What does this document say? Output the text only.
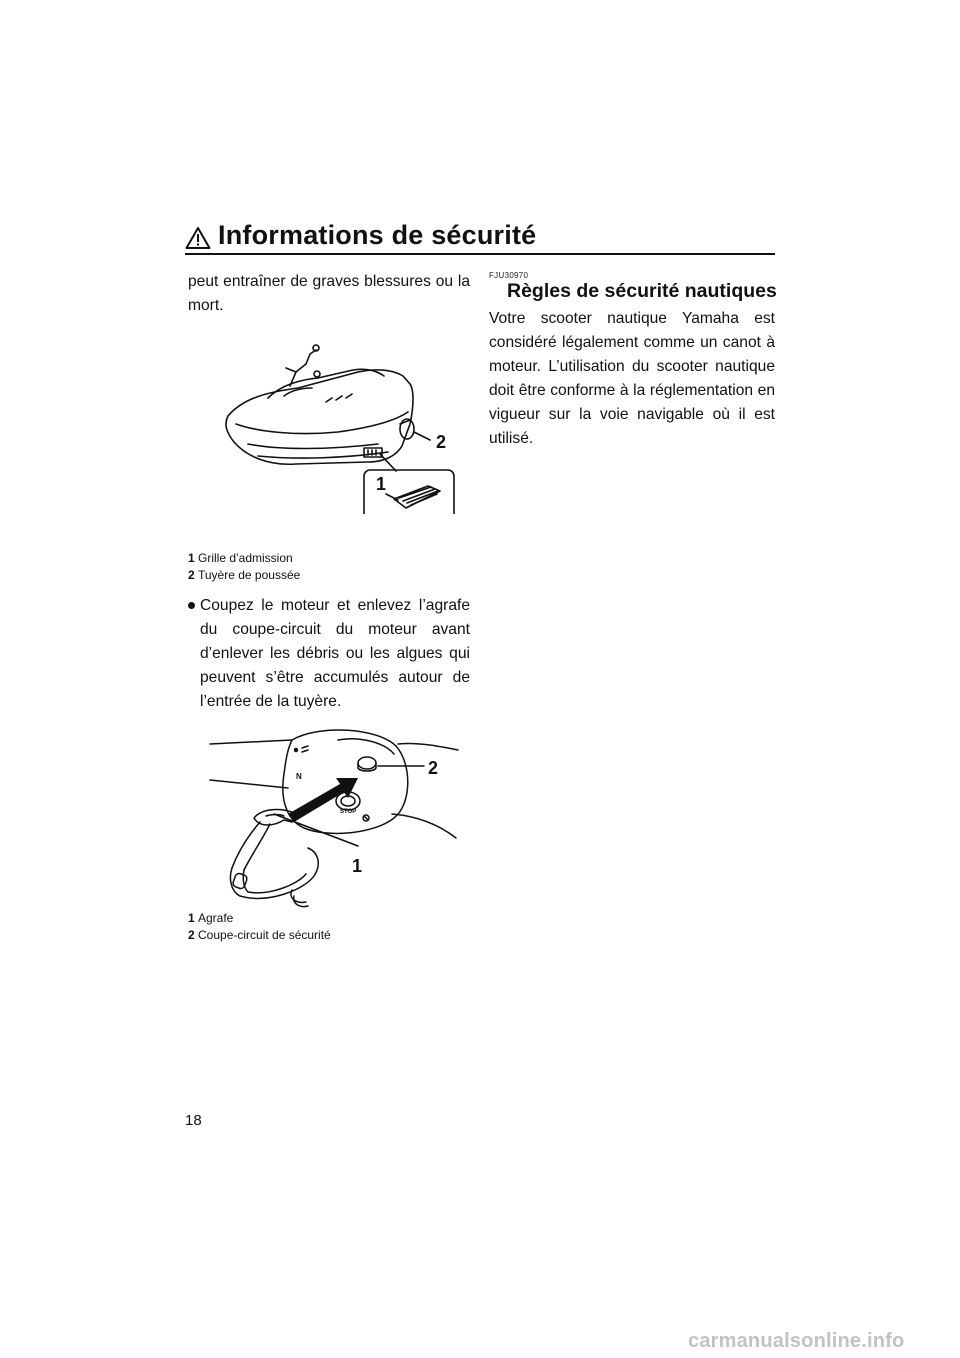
Informations de sécurité

peut entraîner de graves blessures ou la mort.

2
1

1 Grille d’admission

2 Tuyère de poussée

Coupez le moteur et enlevez l’agrafe du coupe-circuit du moteur avant d’enlever les débris ou les algues qui peuvent s’être accumulés autour de l’entrée de la tuyère.

STOP
N	2
1

1 Agrafe

2 Coupe-circuit de sécurité

FJU30970

Règles de sécurité nautiques

Votre scooter nautique Yamaha est considéré légalement comme un canot à moteur. L’utilisation du scooter nautique doit être conforme à la réglementation en vigueur sur la voie navigable où il est utilisé.

18
carmanualsonline.info
